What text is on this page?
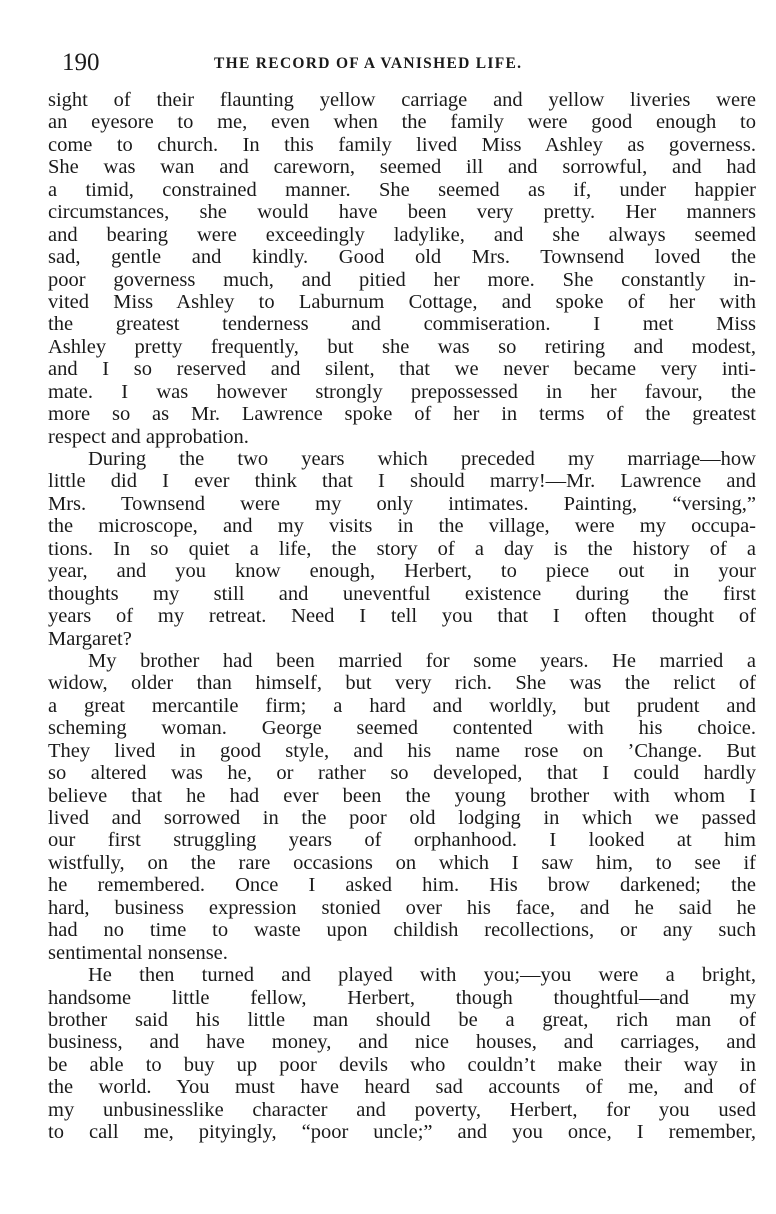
190	THE RECORD OF A VANISHED LIFE.
sight of their flaunting yellow carriage and yellow liveries were
an eyesore to me, even when the family were good enough to
come to church. In this family lived Miss Ashley as governess.
She was wan and careworn, seemed ill and sorrowful, and had
a timid, constrained manner. She seemed as if, under happier
circumstances, she would have been very pretty. Her manners
and bearing were exceedingly ladylike, and she always seemed
sad, gentle and kindly. Good old Mrs. Townsend loved the
poor governess much, and pitied her more. She constantly in-
vited Miss Ashley to Laburnum Cottage, and spoke of her with
the greatest tenderness and commiseration. I met Miss
Ashley pretty frequently, but she was so retiring and modest,
and I so reserved and silent, that we never became very inti-
mate. I was however strongly prepossessed in her favour, the
more so as Mr. Lawrence spoke of her in terms of the greatest
respect and approbation.
During the two years which preceded my marriage—how
little did I ever think that I should marry!—Mr. Lawrence and
Mrs. Townsend were my only intimates. Painting, “versing,”
the microscope, and my visits in the village, were my occupa-
tions. In so quiet a life, the story of a day is the history of a
year, and you know enough, Herbert, to piece out in your
thoughts my still and uneventful existence during the first
years of my retreat. Need I tell you that I often thought of
Margaret?
My brother had been married for some years. He married a
widow, older than himself, but very rich. She was the relict of
a great mercantile firm; a hard and worldly, but prudent and
scheming woman. George seemed contented with his choice.
They lived in good style, and his name rose on ’Change. But
so altered was he, or rather so developed, that I could hardly
believe that he had ever been the young brother with whom I
lived and sorrowed in the poor old lodging in which we passed
our first struggling years of orphanhood. I looked at him
wistfully, on the rare occasions on which I saw him, to see if
he remembered. Once I asked him. His brow darkened; the
hard, business expression stonied over his face, and he said he
had no time to waste upon childish recollections, or any such
sentimental nonsense.
He then turned and played with you;—you were a bright,
handsome little fellow, Herbert, though thoughtful—and my
brother said his little man should be a great, rich man of
business, and have money, and nice houses, and carriages, and
be able to buy up poor devils who couldn’t make their way in
the world. You must have heard sad accounts of me, and of
my unbusinesslike character and poverty, Herbert, for you used
to call me, pityingly, “poor uncle;” and you once, I remember,
